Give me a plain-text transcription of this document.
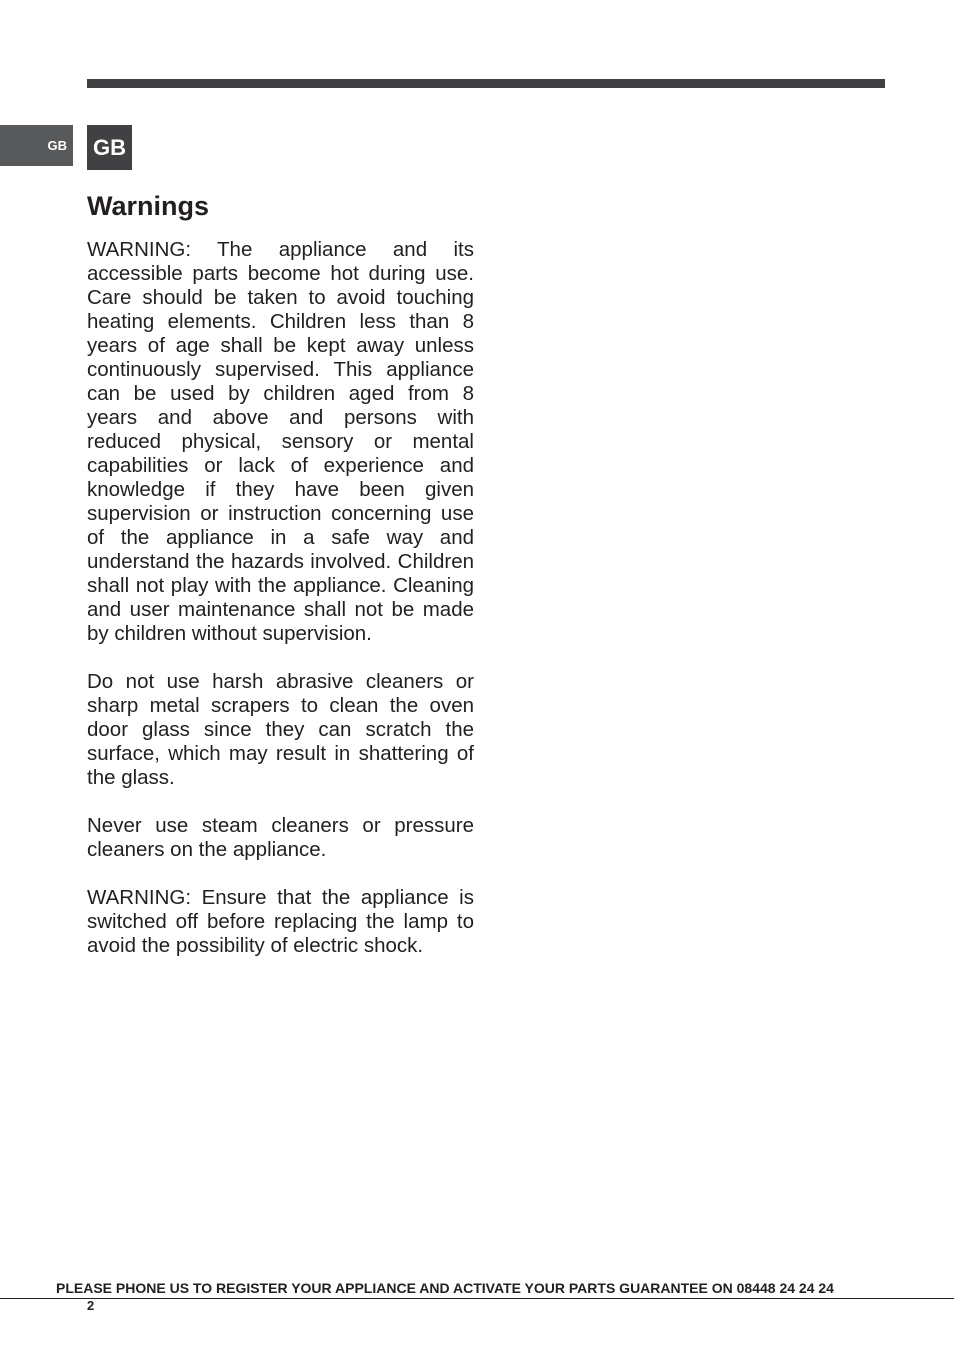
GB GB
Warnings

WARNING: The appliance and its accessible parts become hot during use. Care should be taken to avoid touching heating elements. Children less than 8 years of age shall be kept away unless continuously supervised. This appliance can be used by children aged from 8 years and above and persons with reduced physical, sensory or mental capabilities or lack of experience and knowledge if they have been given supervision or instruction concerning use of the appliance in a safe way and understand the hazards involved. Children shall not play with the appliance. Cleaning and user maintenance shall not be made by children without supervision.

Do not use harsh abrasive cleaners or sharp metal scrapers to clean the oven door glass since they can scratch the surface, which may result in shattering of the glass.

Never use steam cleaners or pressure cleaners on the appliance.

WARNING: Ensure that the appliance is switched off before replacing the lamp to avoid the possibility of electric shock.

PLEASE PHONE US TO REGISTER YOUR APPLIANCE AND ACTIVATE YOUR PARTS GUARANTEE ON 08448 24 24 24
2
